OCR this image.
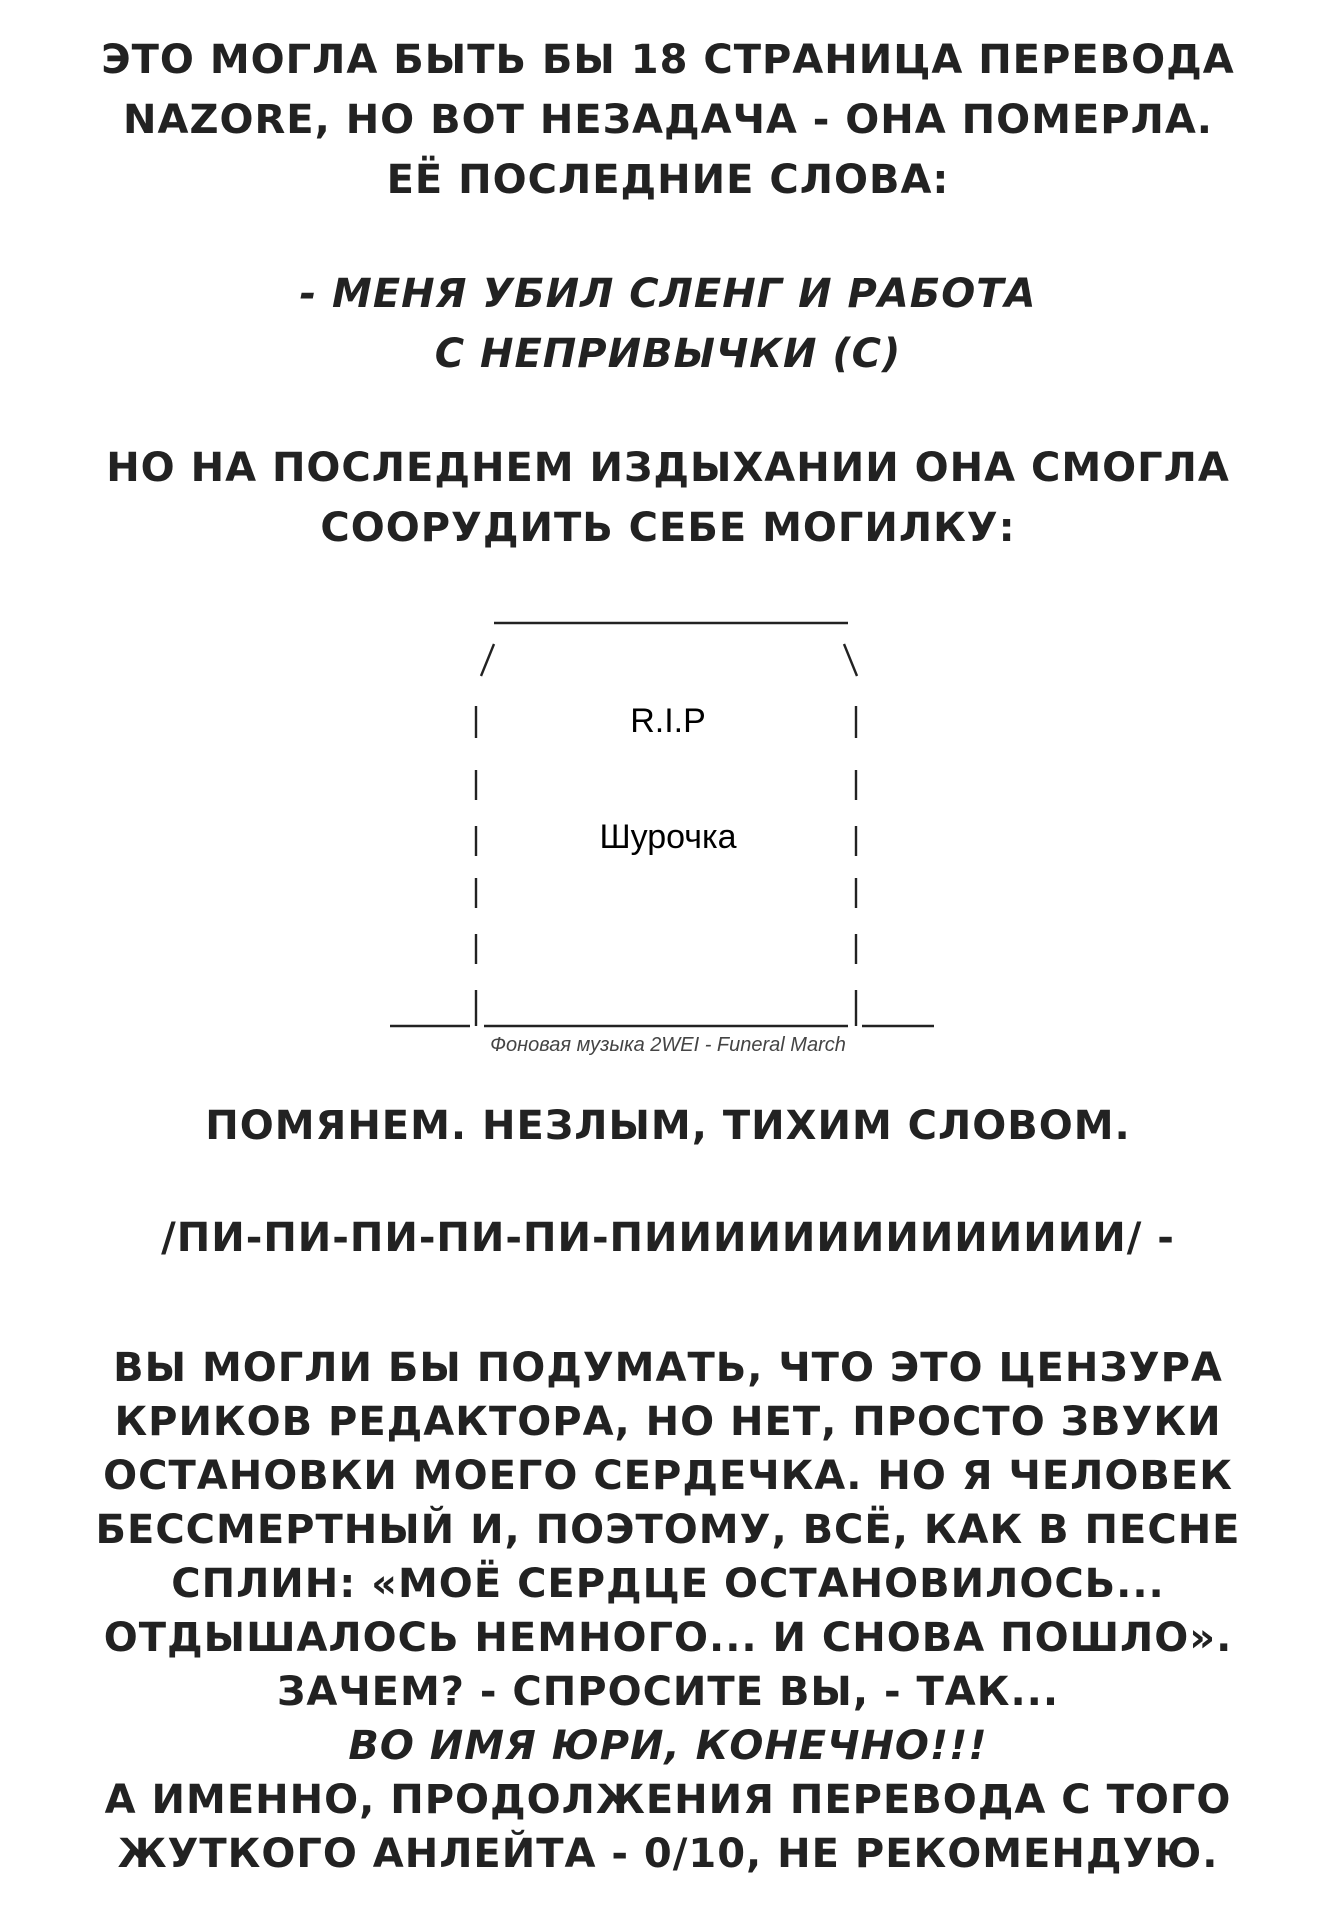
ЭТО МОГЛА БЫТЬ БЫ 18 СТРАНИЦА ПЕРЕВОДА
NAZORE, НО ВОТ НЕЗАДАЧА - ОНА ПОМЕРЛА.
ЕЁ ПОСЛЕДНИЕ СЛОВА:
- МЕНЯ УБИЛ СЛЕНГ И РАБОТА
С НЕПРИВЫЧКИ (С)
НО НА ПОСЛЕДНЕМ ИЗДЫХАНИИ ОНА СМОГЛА
СООРУДИТЬ СЕБЕ МОГИЛКУ:
R.I.P
Шурочка
Фоновая музыка 2WEI - Funeral March
ПОМЯНЕМ. НЕЗЛЫМ, ТИХИМ СЛОВОМ.
/ПИ-ПИ-ПИ-ПИ-ПИ-ПИИИИИИИИИИИИИИ/ -
ВЫ МОГЛИ БЫ ПОДУМАТЬ, ЧТО ЭТО ЦЕНЗУРА
КРИКОВ РЕДАКТОРА, НО НЕТ, ПРОСТО ЗВУКИ
ОСТАНОВКИ МОЕГО СЕРДЕЧКА. НО Я ЧЕЛОВЕК
БЕССМЕРТНЫЙ И, ПОЭТОМУ, ВСЁ, КАК В ПЕСНЕ
СПЛИН: «МОЁ СЕРДЦЕ ОСТАНОВИЛОСЬ...
ОТДЫШАЛОСЬ НЕМНОГО... И СНОВА ПОШЛО».
ЗАЧЕМ? - СПРОСИТЕ ВЫ, - ТАК...
ВО ИМЯ ЮРИ, КОНЕЧНО!!!
А ИМЕННО, ПРОДОЛЖЕНИЯ ПЕРЕВОДА С ТОГО
ЖУТКОГО АНЛЕЙТА - 0/10, НЕ РЕКОМЕНДУЮ.
